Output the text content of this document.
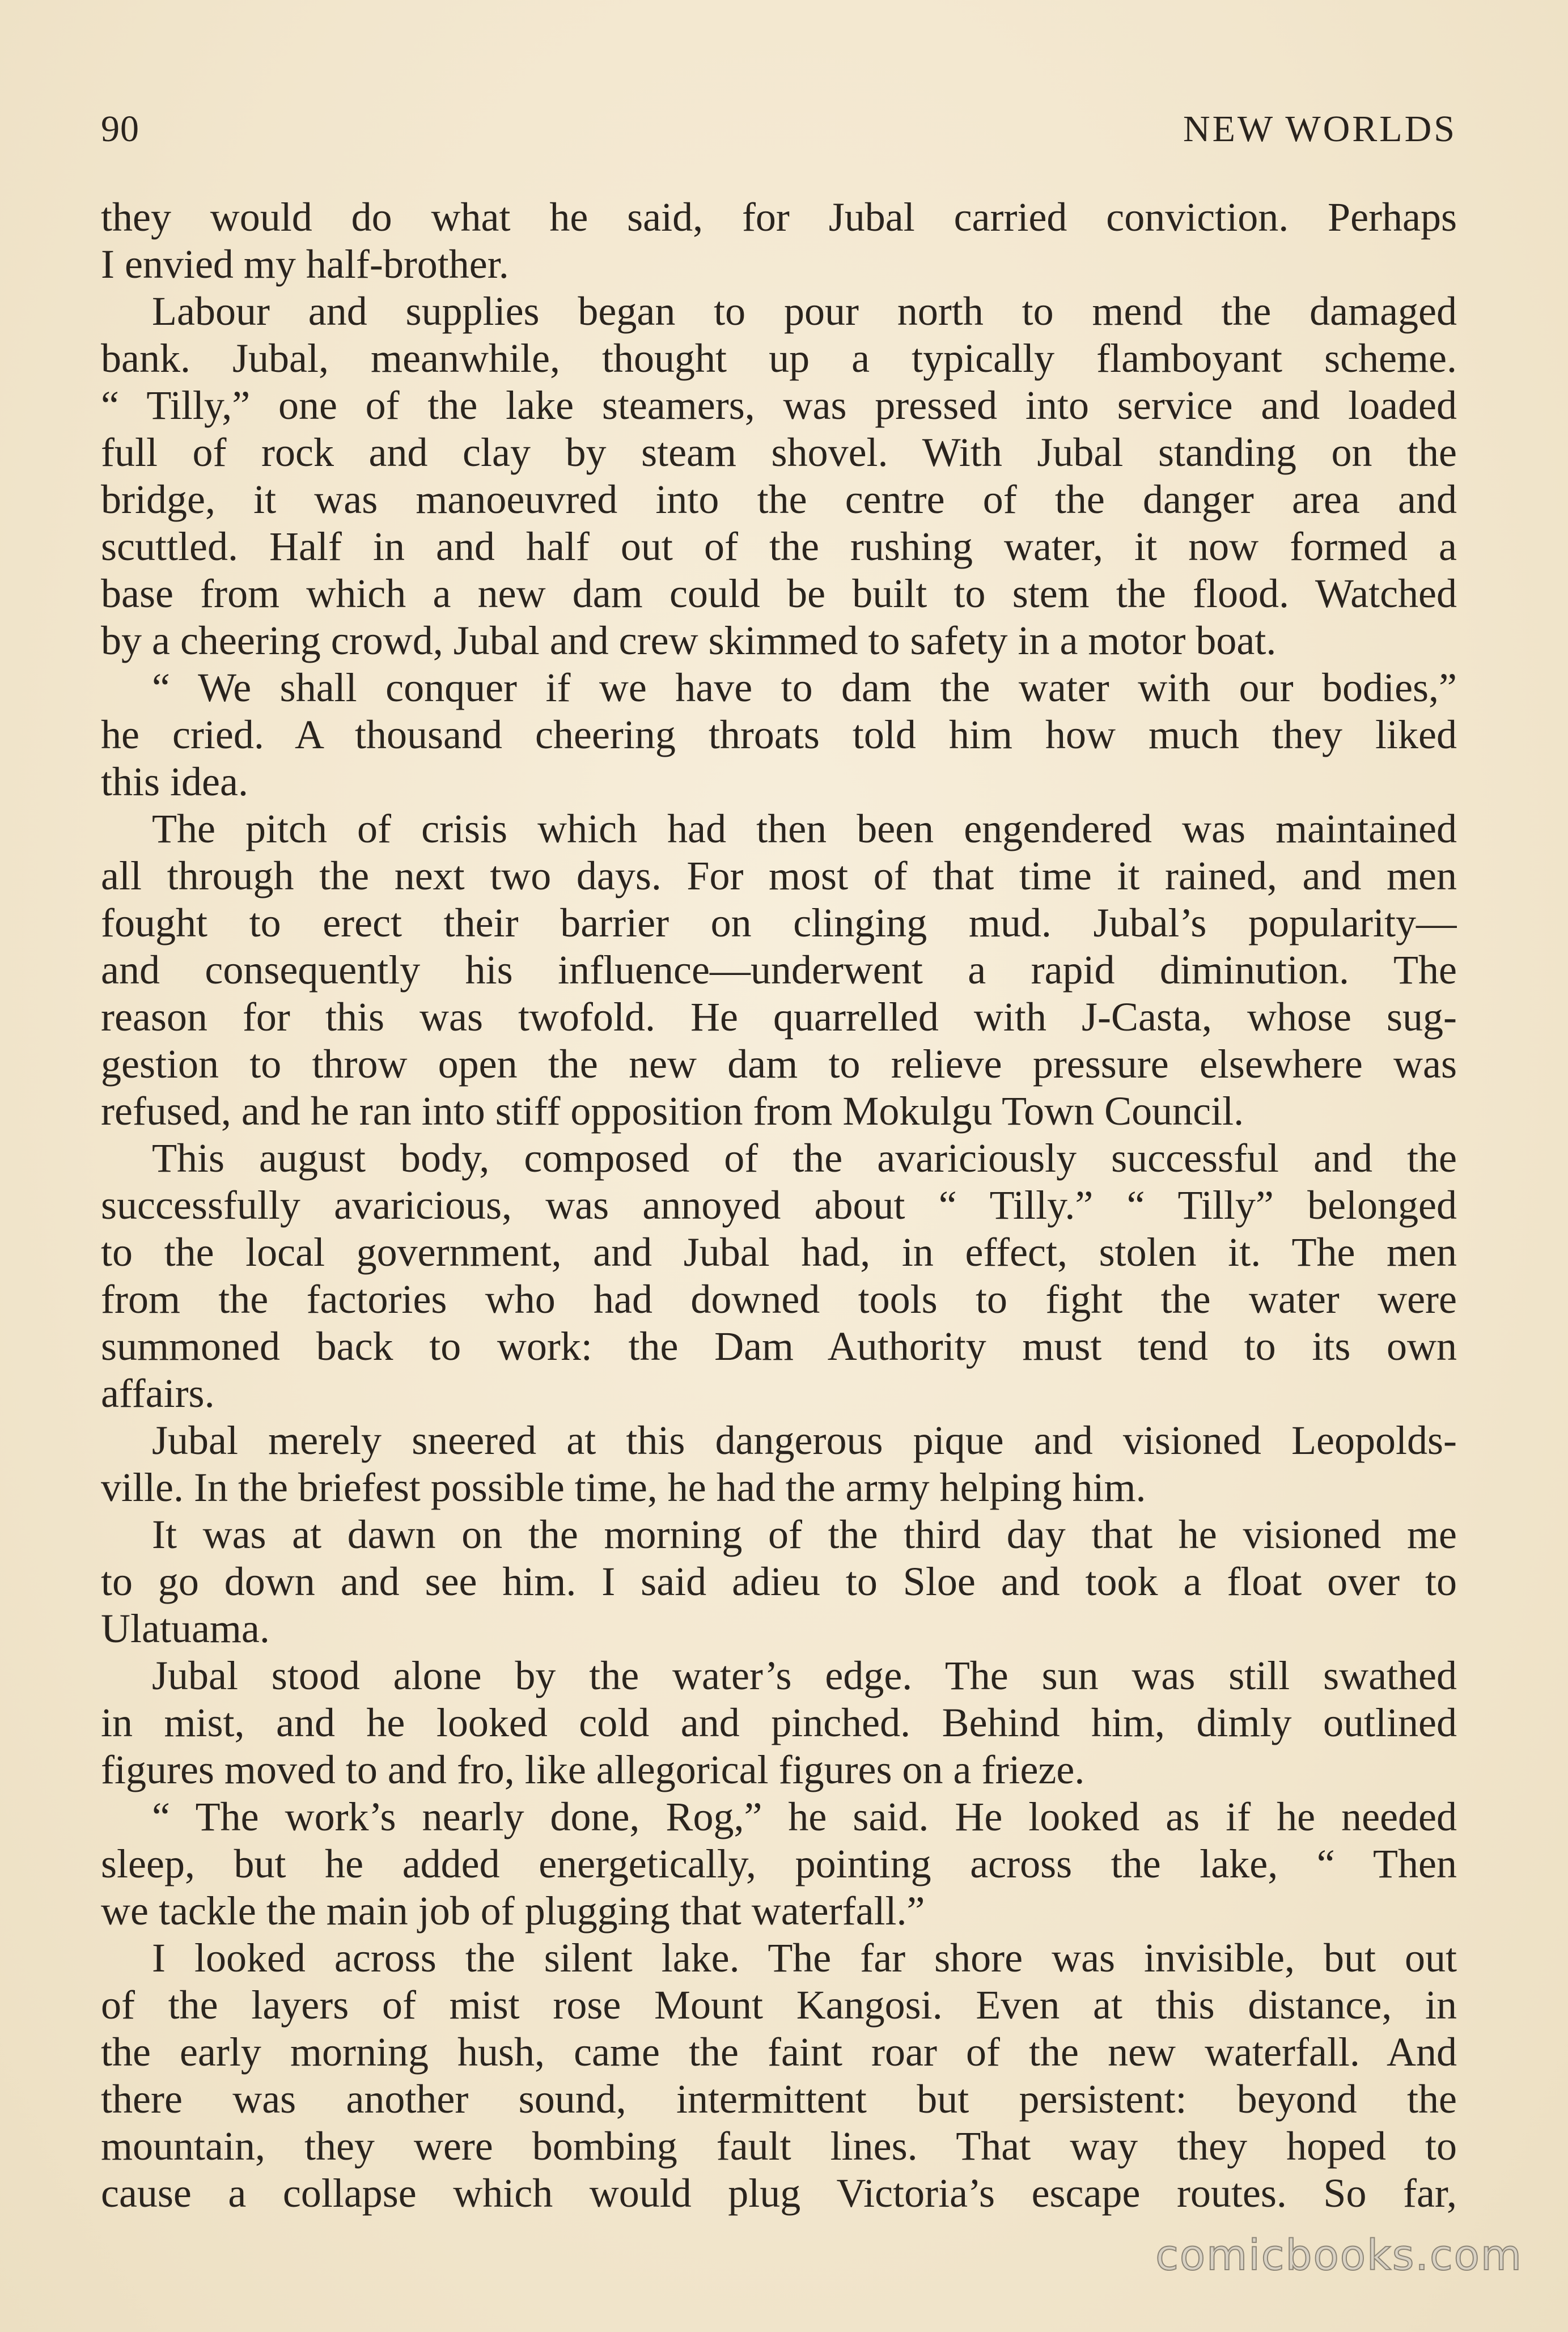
90	NEW WORLDS
they would do what he said, for Jubal carried conviction. Perhaps
I envied my half-brother.
Labour and supplies began to pour north to mend the damaged
bank. Jubal, meanwhile, thought up a typically flamboyant scheme.
“ Tilly,” one of the lake steamers, was pressed into service and loaded
full of rock and clay by steam shovel. With Jubal standing on the
bridge, it was manoeuvred into the centre of the danger area and
scuttled. Half in and half out of the rushing water, it now formed a
base from which a new dam could be built to stem the flood. Watched
by a cheering crowd, Jubal and crew skimmed to safety in a motor boat.
“ We shall conquer if we have to dam the water with our bodies,”
he cried. A thousand cheering throats told him how much they liked
this idea.
The pitch of crisis which had then been engendered was maintained
all through the next two days. For most of that time it rained, and men
fought to erect their barrier on clinging mud. Jubal’s popularity—
and consequently his influence—underwent a rapid diminution. The
reason for this was twofold. He quarrelled with J-Casta, whose sug-
gestion to throw open the new dam to relieve pressure elsewhere was
refused, and he ran into stiff opposition from Mokulgu Town Council.
This august body, composed of the avariciously successful and the
successfully avaricious, was annoyed about “ Tilly.” “ Tilly” belonged
to the local government, and Jubal had, in effect, stolen it. The men
from the factories who had downed tools to fight the water were
summoned back to work: the Dam Authority must tend to its own
affairs.
Jubal merely sneered at this dangerous pique and visioned Leopolds-
ville. In the briefest possible time, he had the army helping him.
It was at dawn on the morning of the third day that he visioned me
to go down and see him. I said adieu to Sloe and took a float over to
Ulatuama.
Jubal stood alone by the water’s edge. The sun was still swathed
in mist, and he looked cold and pinched. Behind him, dimly outlined
figures moved to and fro, like allegorical figures on a frieze.
“ The work’s nearly done, Rog,” he said. He looked as if he needed
sleep, but he added energetically, pointing across the lake, “ Then
we tackle the main job of plugging that waterfall.”
I looked across the silent lake. The far shore was invisible, but out
of the layers of mist rose Mount Kangosi. Even at this distance, in
the early morning hush, came the faint roar of the new waterfall. And
there was another sound, intermittent but persistent: beyond the
mountain, they were bombing fault lines. That way they hoped to
cause a collapse which would plug Victoria’s escape routes. So far,
comicbooks.com
